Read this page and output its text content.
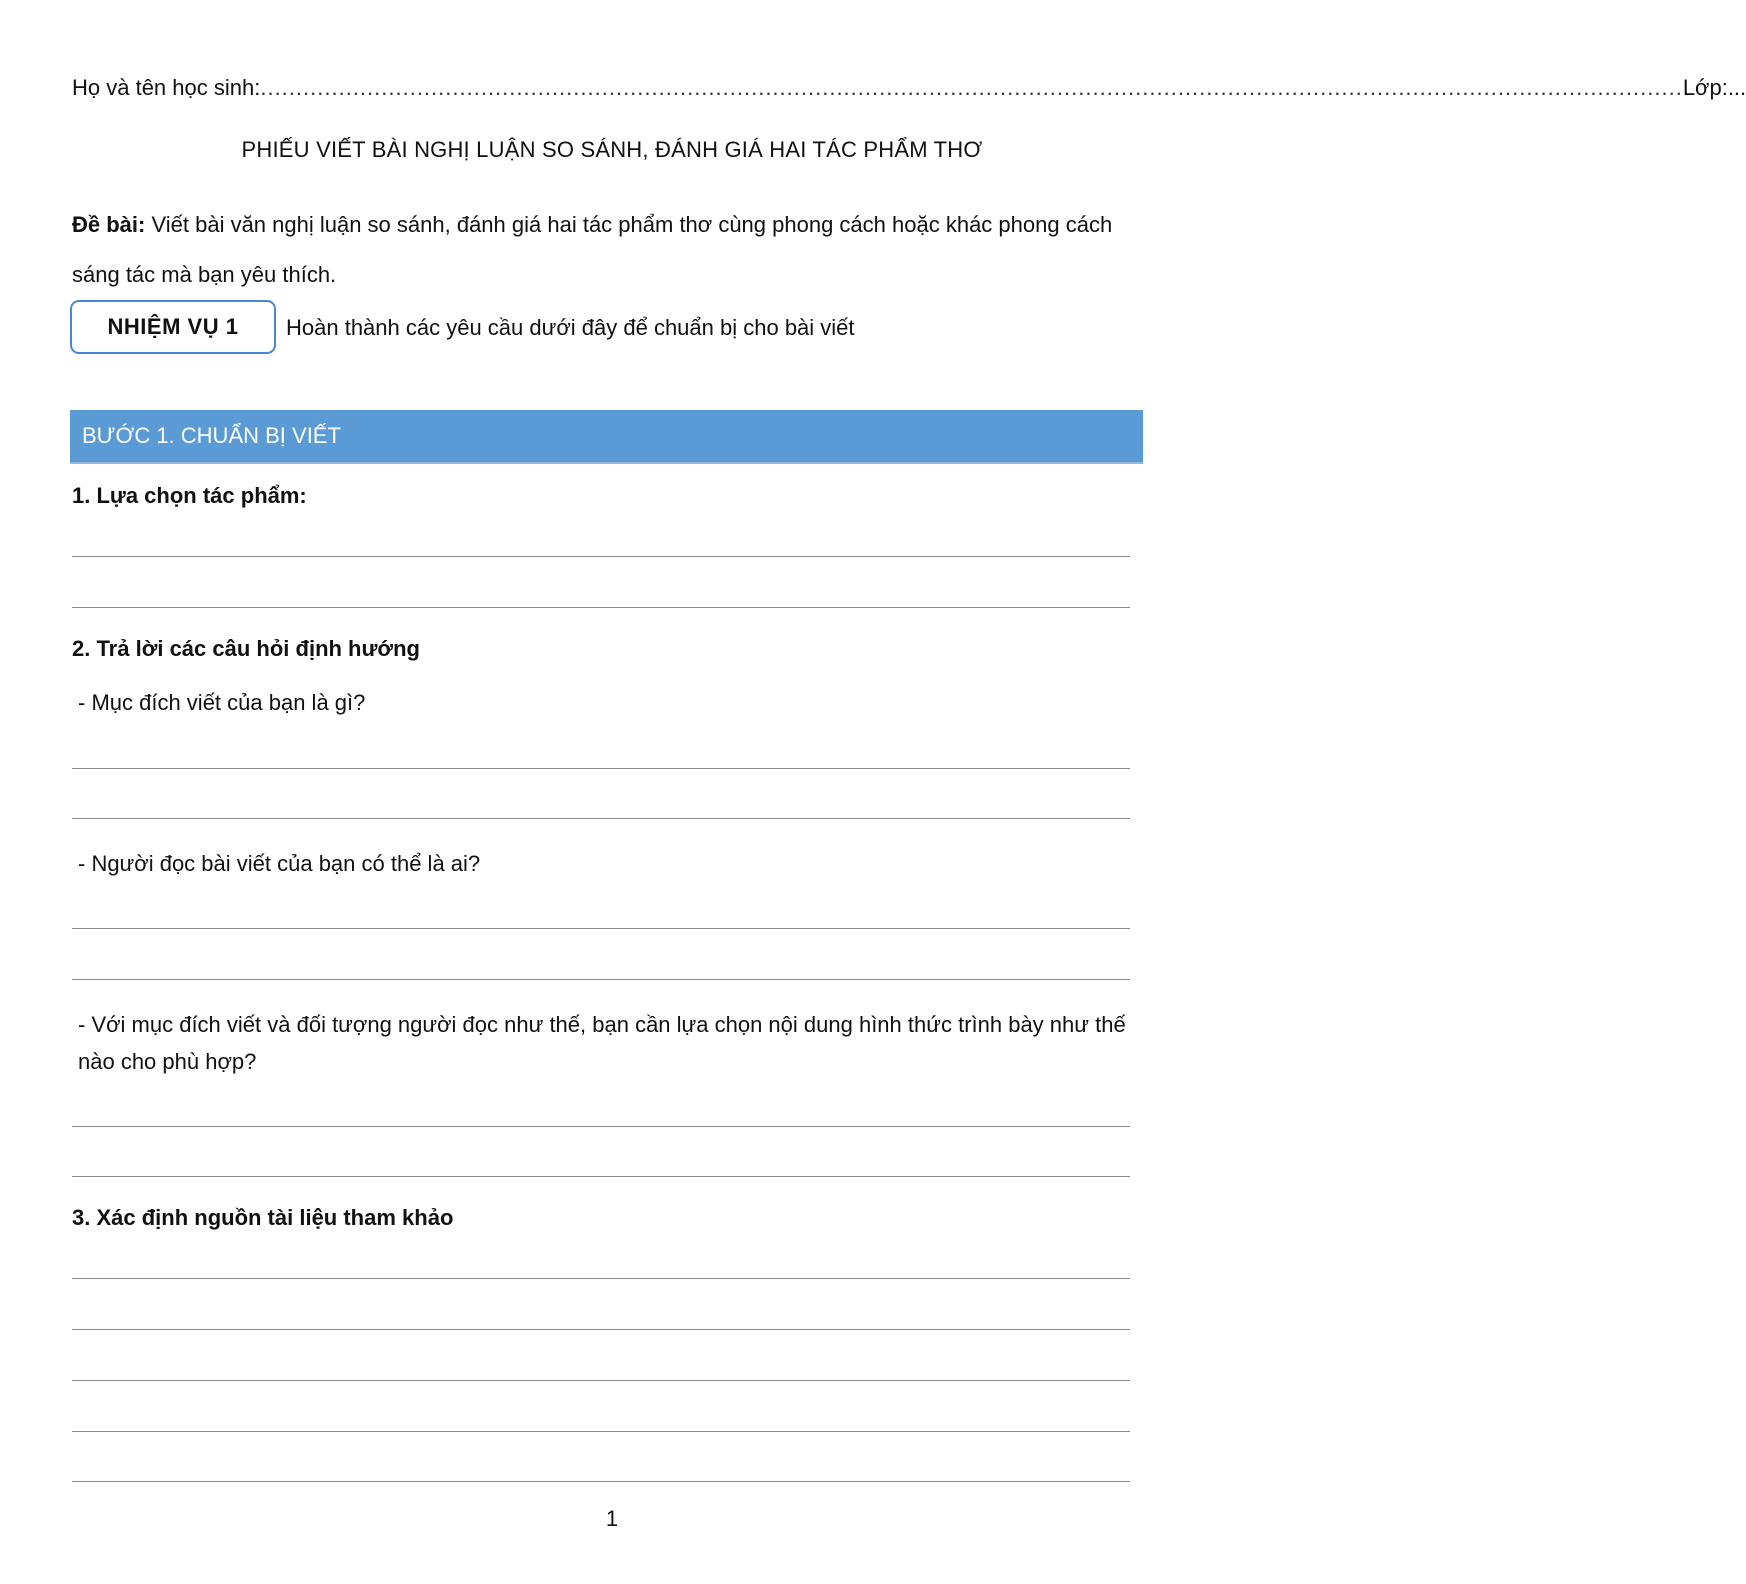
Họ và tên học sinh: ........................................................................................................................................................................................................ Lớp:...
PHIẾU VIẾT BÀI NGHỊ LUẬN SO SÁNH, ĐÁNH GIÁ HAI TÁC PHẨM THƠ
Đề bài: Viết bài văn nghị luận so sánh, đánh giá hai tác phẩm thơ cùng phong cách hoặc khác phong cách sáng tác mà bạn yêu thích.
NHIỆM VỤ 1	Hoàn thành các yêu cầu dưới đây để chuẩn bị cho bài viết
BƯỚC 1. CHUẨN BỊ VIẾT
1. Lựa chọn tác phẩm:
2. Trả lời các câu hỏi định hướng
- Mục đích viết của bạn là gì?
- Người đọc bài viết của bạn có thể là ai?
- Với mục đích viết và đối tượng người đọc như thế, bạn cần lựa chọn nội dung hình thức trình bày như thế nào cho phù hợp?
3. Xác định nguồn tài liệu tham khảo
1
